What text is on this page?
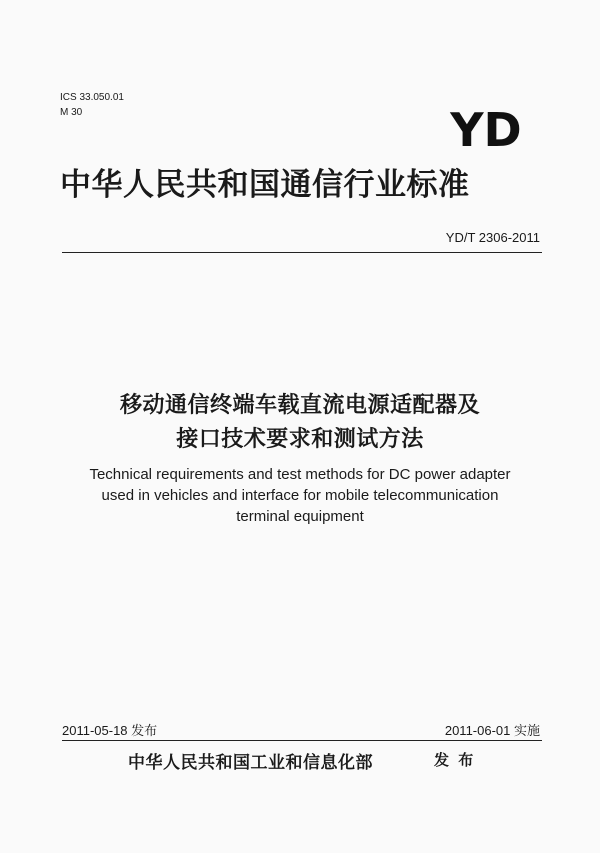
ICS 33.050.01
M 30	YD
中华人民共和国通信行业标准
YD/T 2306-2011
移动通信终端车载直流电源适配器及
接口技术要求和测试方法
Technical requirements and test methods for DC power adapter
used in vehicles and interface for mobile telecommunication
terminal equipment
2011-05-18 发布	2011-06-01 实施
中华人民共和国工业和信息化部	发 布
